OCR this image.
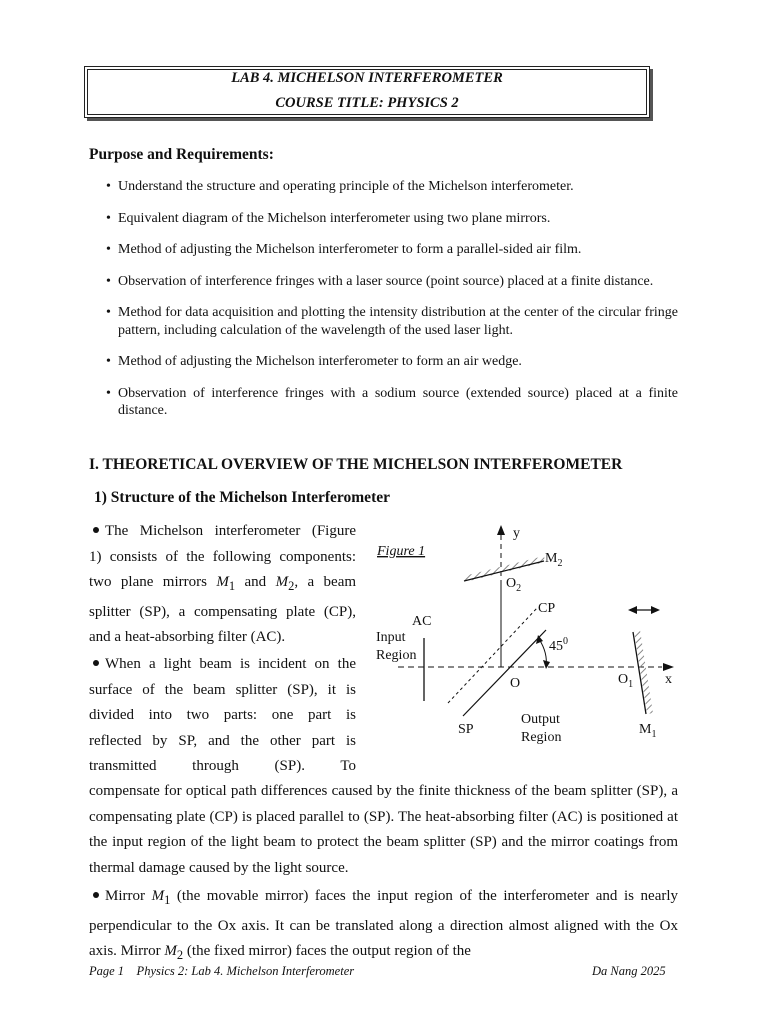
LAB 4. MICHELSON INTERFEROMETER
COURSE TITLE: PHYSICS 2
Purpose and Requirements:
• Understand the structure and operating principle of the Michelson interferometer.
• Equivalent diagram of the Michelson interferometer using two plane mirrors.
• Method of adjusting the Michelson interferometer to form a parallel-sided air film.
• Observation of interference fringes with a laser source (point source) placed at a finite distance.
• Method for data acquisition and plotting the intensity distribution at the center of the circular fringe pattern, including calculation of the wavelength of the used laser light.
• Method of adjusting the Michelson interferometer to form an air wedge.
• Observation of interference fringes with a sodium source (extended source) placed at a finite distance.
I. THEORETICAL OVERVIEW OF THE MICHELSON INTERFEROMETER
1) Structure of the Michelson Interferometer
The Michelson interferometer (Figure
1) consists of the following components:
two plane mirrors $M_1$ and $M_2$, a beam
splitter (SP), a compensating plate (CP),
and a heat-absorbing filter (AC).
When a light beam is incident on the
surface of the beam splitter (SP), it is
divided into two parts: one part is
reflected by SP, and the other part is
transmitted through (SP). To
compensate for optical path differences caused by the finite thickness of the beam splitter (SP), a compensating plate (CP) is placed parallel to (SP). The heat-absorbing filter (AC) is positioned at the input region of the light beam to protect the beam splitter (SP) and the mirror coatings from thermal damage caused by the light source.
Mirror $M_1$ (the movable mirror) faces the input region of the interferometer and is nearly perpendicular to the Ox axis. It can be translated along a direction almost aligned with the Ox axis. Mirror $M_2$ (the fixed mirror) faces the output region of the
Figure 1
y
x
$M_2$
$O_2$
CP
SP
$45^0$
AC
Input
Region
O	$O_1$
$M_1$
Output
Region
Page 1    Physics 2: Lab 4. Michelson Interferometer	Da Nang 2025
